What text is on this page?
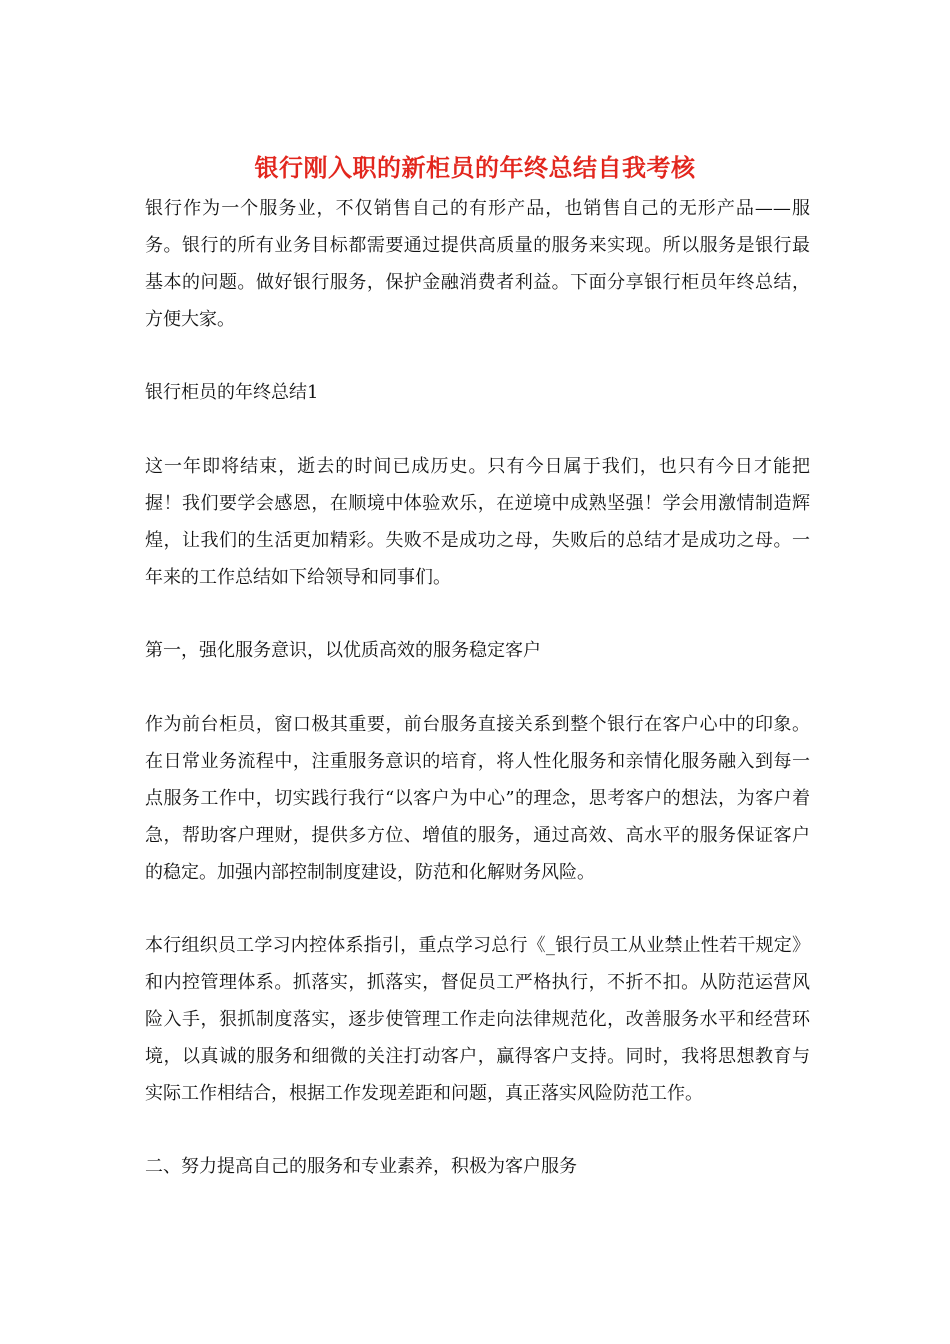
银行刚入职的新柜员的年终总结自我考核

银行作为一个服务业，不仅销售自己的有形产品，也销售自己的无形产品——服务。银行的所有业务目标都需要通过提供高质量的服务来实现。所以服务是银行最基本的问题。做好银行服务，保护金融消费者利益。下面分享银行柜员年终总结，方便大家。

银行柜员的年终总结1

这一年即将结束，逝去的时间已成历史。只有今日属于我们，也只有今日才能把握！我们要学会感恩，在顺境中体验欢乐，在逆境中成熟坚强！学会用激情制造辉煌，让我们的生活更加精彩。失败不是成功之母，失败后的总结才是成功之母。一年来的工作总结如下给领导和同事们。

第一，强化服务意识，以优质高效的服务稳定客户

作为前台柜员，窗口极其重要，前台服务直接关系到整个银行在客户心中的印象。在日常业务流程中，注重服务意识的培育，将人性化服务和亲情化服务融入到每一点服务工作中，切实践行我行“以客户为中心”的理念，思考客户的想法，为客户着急，帮助客户理财，提供多方位、增值的服务，通过高效、高水平的服务保证客户的稳定。加强内部控制制度建设，防范和化解财务风险。

本行组织员工学习内控体系指引，重点学习总行《_银行员工从业禁止性若干规定》和内控管理体系。抓落实，抓落实，督促员工严格执行，不折不扣。从防范运营风险入手，狠抓制度落实，逐步使管理工作走向法律规范化，改善服务水平和经营环境，以真诚的服务和细微的关注打动客户，赢得客户支持。同时，我将思想教育与实际工作相结合，根据工作发现差距和问题，真正落实风险防范工作。

二、努力提高自己的服务和专业素养，积极为客户服务
